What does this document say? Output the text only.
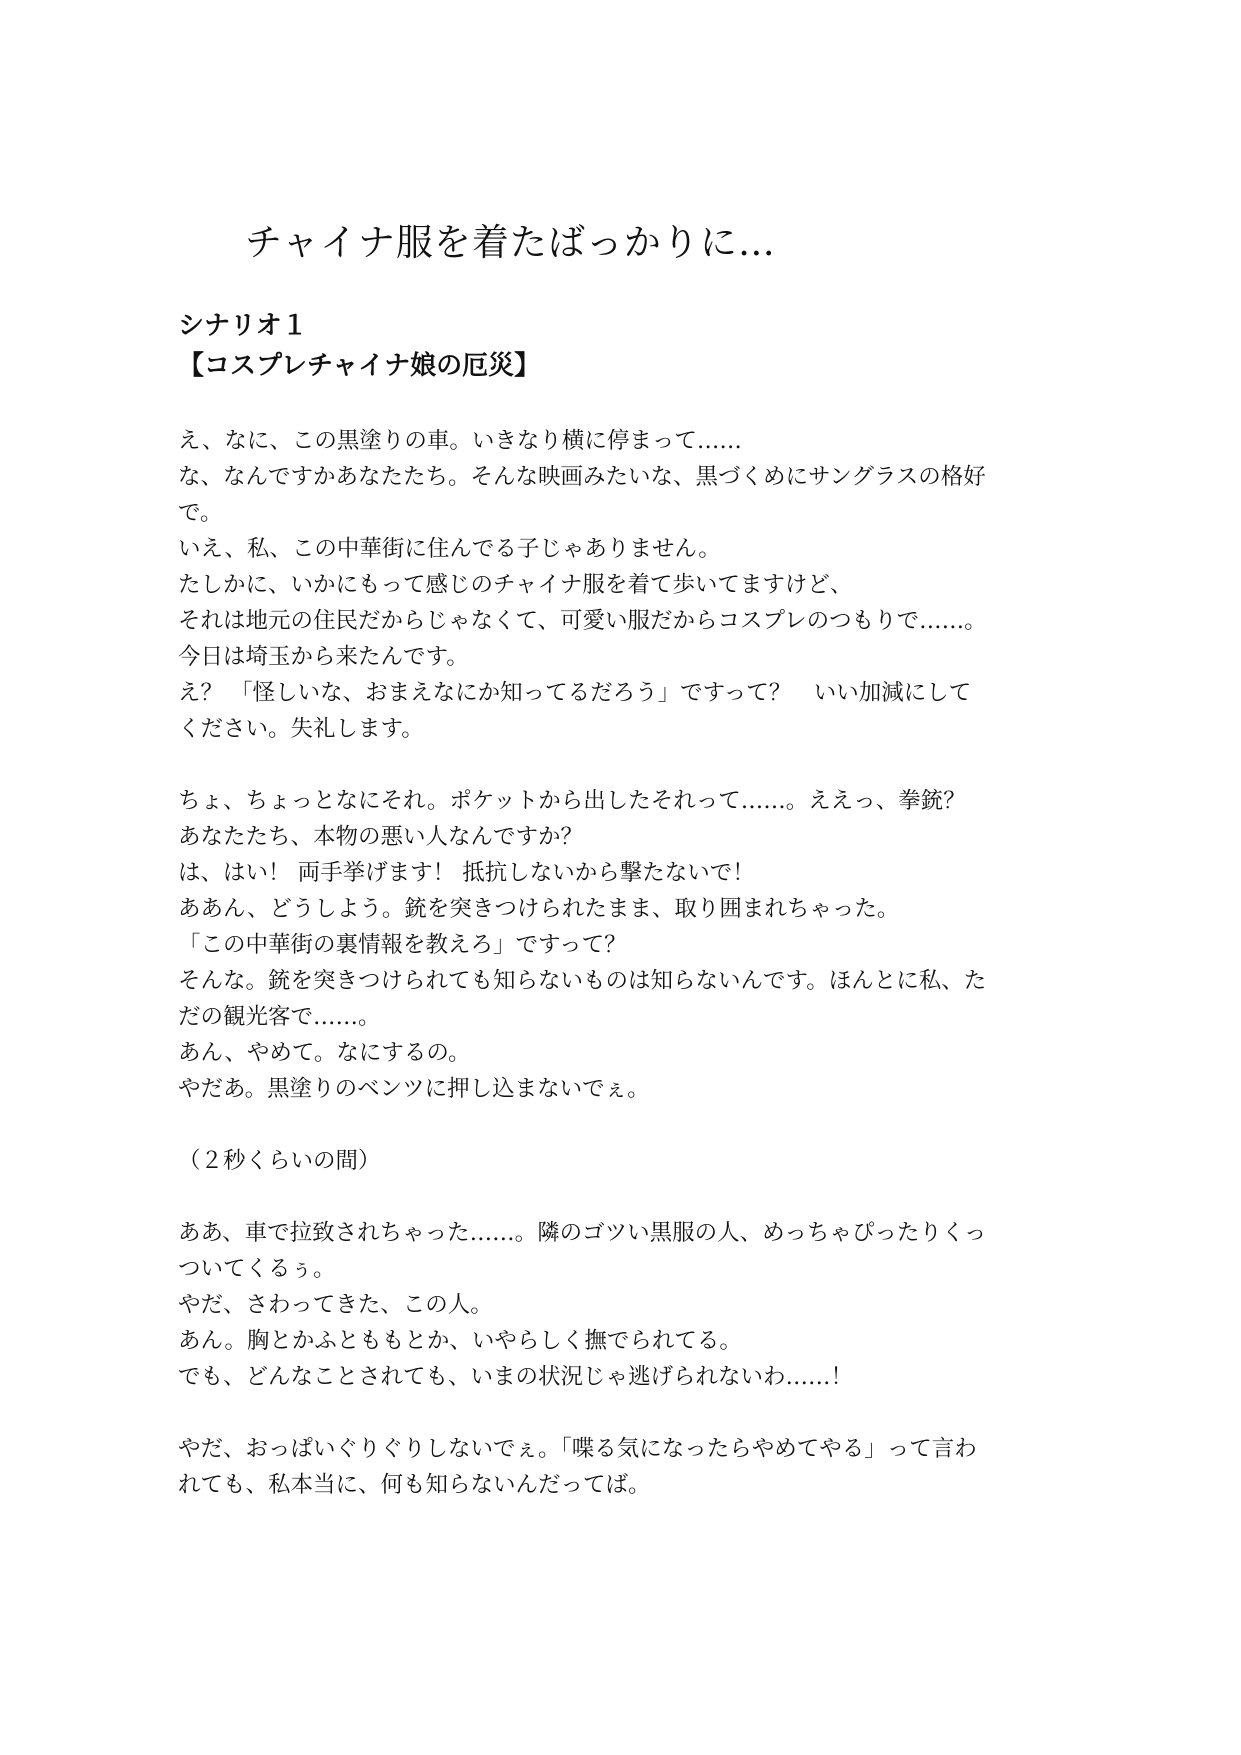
チャイナ服を着たばっかりに…
シナリオ１
【コスプレチャイナ娘の厄災】
え、なに、この黒塗りの車。いきなり横に停まって……
な、なんですかあなたたち。そんな映画みたいな、黒づくめにサングラスの格好
で。
いえ、私、この中華街に住んでる子じゃありません。
たしかに、いかにもって感じのチャイナ服を着て歩いてますけど、
それは地元の住民だからじゃなくて、可愛い服だからコスプレのつもりで……。
今日は埼玉から来たんです。
え？ 「怪しいな、おまえなにか知ってるだろう」ですって？　いい加減にして
ください。失礼します。

ちょ、ちょっとなにそれ。ポケットから出したそれって……。ええっ、拳銃？
あなたたち、本物の悪い人なんですか？
は、はい！ 両手挙げます！ 抵抗しないから撃たないで！
ああん、どうしよう。銃を突きつけられたまま、取り囲まれちゃった。
「この中華街の裏情報を教えろ」ですって？
そんな。銃を突きつけられても知らないものは知らないんです。ほんとに私、た
だの観光客で……。
あん、やめて。なにするの。
やだあ。黒塗りのベンツに押し込まないでぇ。

（２秒くらいの間）

ああ、車で拉致されちゃった……。隣のゴツい黒服の人、めっちゃぴったりくっ
ついてくるぅ。
やだ、さわってきた、この人。
あん。胸とかふとももとか、いやらしく撫でられてる。
でも、どんなことされても、いまの状況じゃ逃げられないわ……！

やだ、おっぱいぐりぐりしないでぇ。「喋る気になったらやめてやる」って言わ
れても、私本当に、何も知らないんだってば。
